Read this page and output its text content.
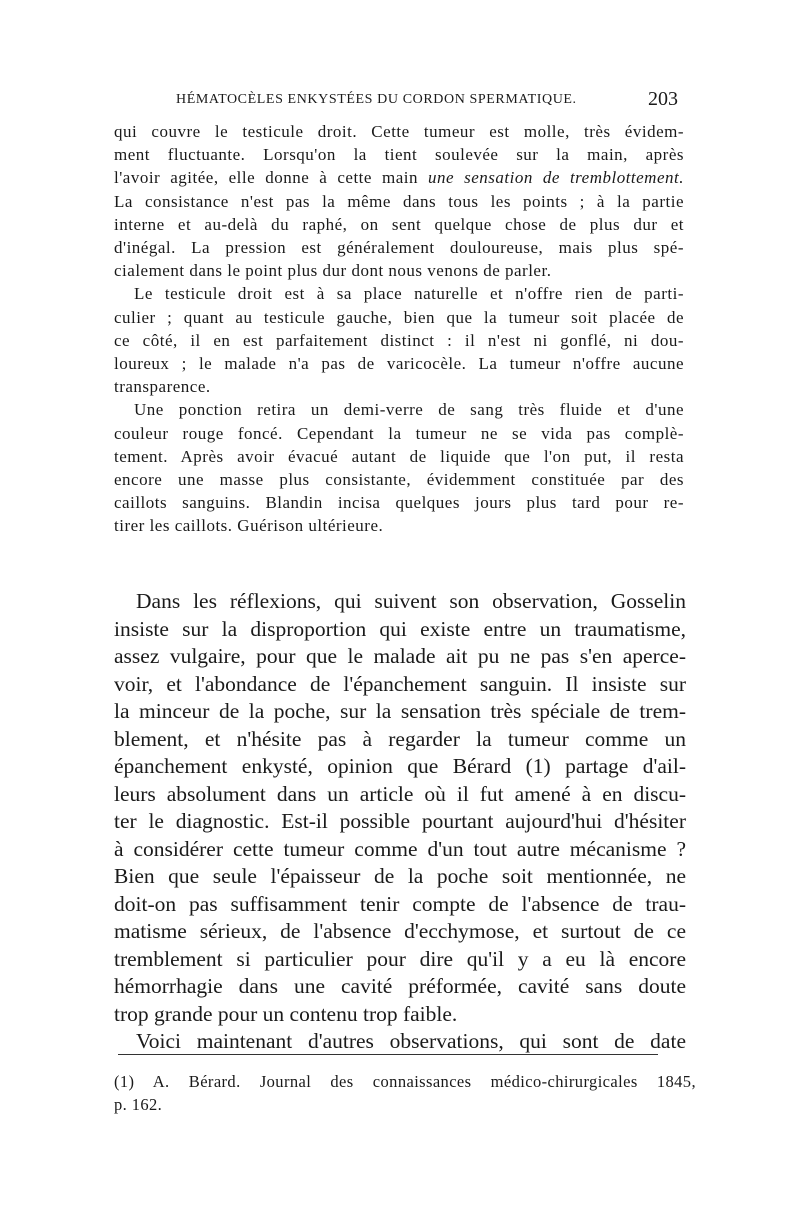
HÉMATOCÈLES ENKYSTÉES DU CORDON SPERMATIQUE.	203

qui couvre le testicule droit. Cette tumeur est molle, très évidem-
ment fluctuante. Lorsqu'on la tient soulevée sur la main, après
l'avoir agitée, elle donne à cette main une sensation de tremblottement.
La consistance n'est pas la même dans tous les points ; à la partie
interne et au-delà du raphé, on sent quelque chose de plus dur et
d'inégal. La pression est généralement douloureuse, mais plus spé-
cialement dans le point plus dur dont nous venons de parler.

Le testicule droit est à sa place naturelle et n'offre rien de parti-
culier ; quant au testicule gauche, bien que la tumeur soit placée de
ce côté, il en est parfaitement distinct : il n'est ni gonflé, ni dou-
loureux ; le malade n'a pas de varicocèle. La tumeur n'offre aucune
transparence.

Une ponction retira un demi-verre de sang très fluide et d'une
couleur rouge foncé. Cependant la tumeur ne se vida pas complè-
tement. Après avoir évacué autant de liquide que l'on put, il resta
encore une masse plus consistante, évidemment constituée par des
caillots sanguins. Blandin incisa quelques jours plus tard pour re-
tirer les caillots. Guérison ultérieure.

Dans les réflexions, qui suivent son observation, Gosselin
insiste sur la disproportion qui existe entre un traumatisme,
assez vulgaire, pour que le malade ait pu ne pas s'en aperce-
voir, et l'abondance de l'épanchement sanguin. Il insiste sur
la minceur de la poche, sur la sensation très spéciale de trem-
blement, et n'hésite pas à regarder la tumeur comme un
épanchement enkysté, opinion que Bérard (1) partage d'ail-
leurs absolument dans un article où il fut amené à en discu-
ter le diagnostic. Est-il possible pourtant aujourd'hui d'hésiter
à considérer cette tumeur comme d'un tout autre mécanisme ?
Bien que seule l'épaisseur de la poche soit mentionnée, ne
doit-on pas suffisamment tenir compte de l'absence de trau-
matisme sérieux, de l'absence d'ecchymose, et surtout de ce
tremblement si particulier pour dire qu'il y a eu là encore
hémorrhagie dans une cavité préformée, cavité sans doute
trop grande pour un contenu trop faible.

Voici maintenant d'autres observations, qui sont de date

(1) A. Bérard. Journal des connaissances médico-chirurgicales 1845,
p. 162.
